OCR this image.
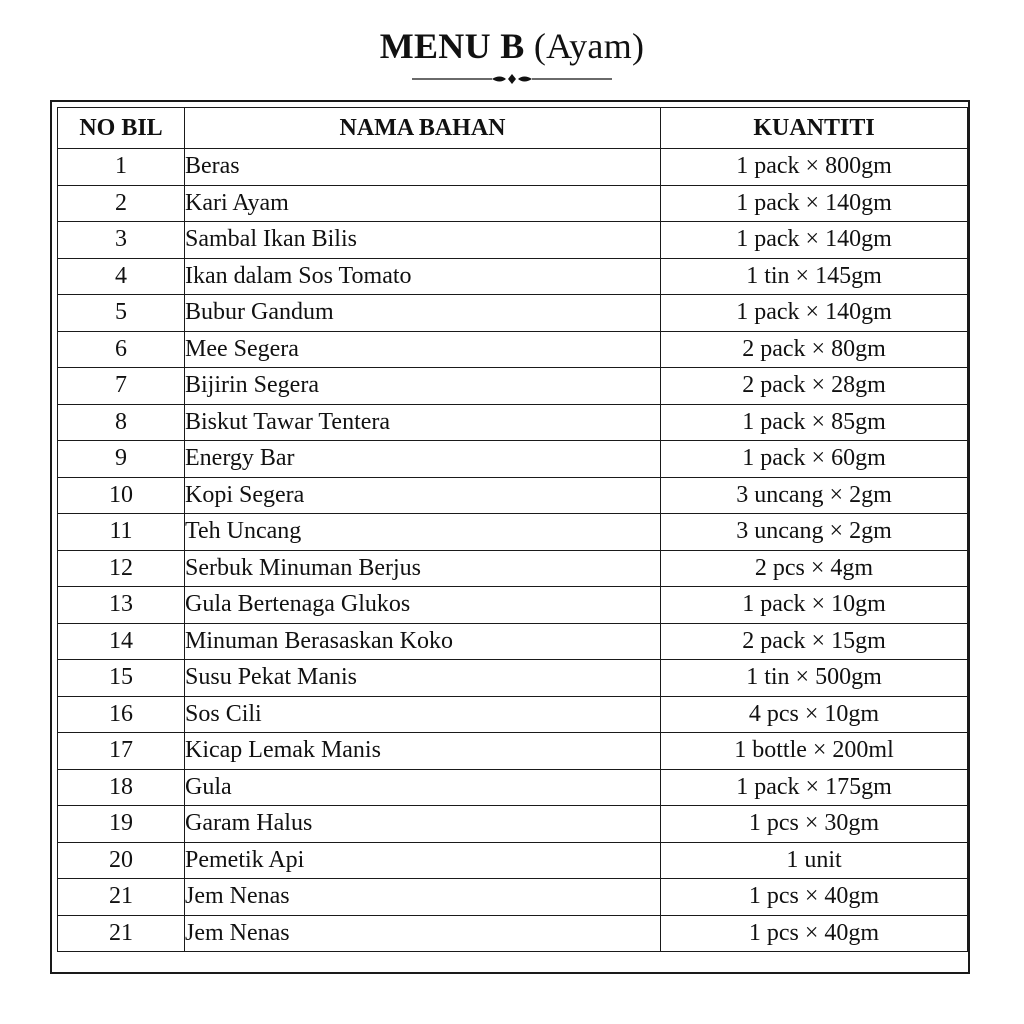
MENU B (Ayam)
NO BIL	NAMA BAHAN	KUANTITI
1	Beras	1 pack × 800gm
2	Kari Ayam	1 pack × 140gm
3	Sambal Ikan Bilis	1 pack × 140gm
4	Ikan dalam Sos Tomato	1 tin × 145gm
5	Bubur Gandum	1 pack × 140gm
6	Mee Segera	2 pack × 80gm
7	Bijirin Segera	2 pack × 28gm
8	Biskut Tawar Tentera	1 pack × 85gm
9	Energy Bar	1 pack × 60gm
10	Kopi Segera	3 uncang × 2gm
11	Teh Uncang	3 uncang × 2gm
12	Serbuk Minuman Berjus	2 pcs × 4gm
13	Gula Bertenaga Glukos	1 pack × 10gm
14	Minuman Berasaskan Koko	2 pack × 15gm
15	Susu Pekat Manis	1 tin × 500gm
16	Sos Cili	4 pcs × 10gm
17	Kicap Lemak Manis	1 bottle × 200ml
18	Gula	1 pack × 175gm
19	Garam Halus	1 pcs × 30gm
20	Pemetik Api	1 unit
21	Jem Nenas	1 pcs × 40gm
21	Jem Nenas	1 pcs × 40gm
